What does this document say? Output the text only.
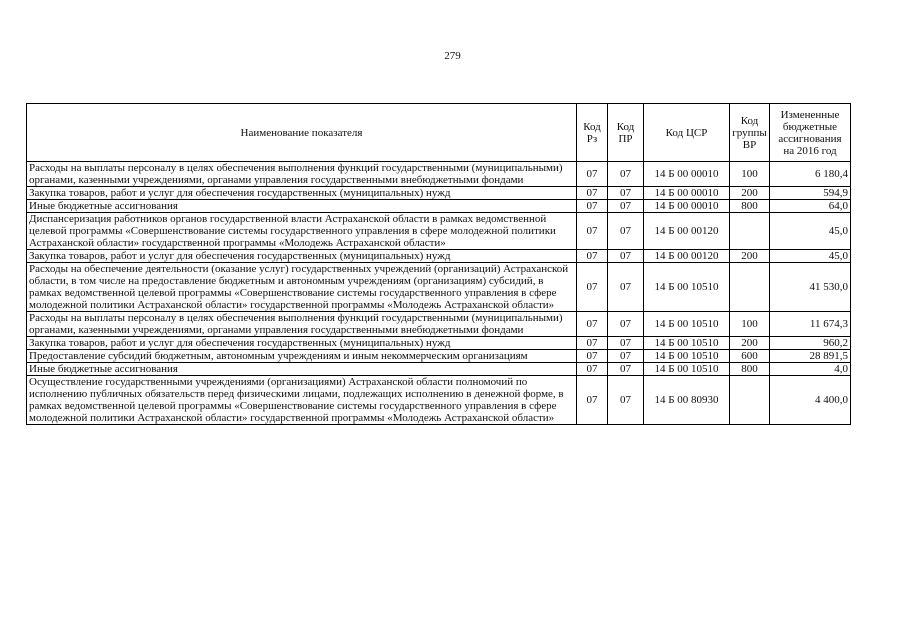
279
Наименование показателя	Код Рз	Код ПР	Код ЦСР	Код группы ВР	Измененные бюджетные ассигнования на 2016 год
Расходы на выплаты персоналу в целях обеспечения выполнения функций государственными (муниципальными) органами, казенными учреждениями, органами управления государственными внебюджетными фондами	07	07	14 Б 00 00010	100	6 180,4
Закупка товаров, работ и услуг для обеспечения государственных (муниципальных) нужд	07	07	14 Б 00 00010	200	594,9
Иные бюджетные ассигнования	07	07	14 Б 00 00010	800	64,0
Диспансеризация работников органов государственной власти Астраханской области в рамках ведомственной целевой программы «Совершенствование системы государственного управления в сфере молодежной политики Астраханской области» государственной программы «Молодежь Астраханской области»	07	07	14 Б 00 00120		45,0
Закупка товаров, работ и услуг для обеспечения государственных (муниципальных) нужд	07	07	14 Б 00 00120	200	45,0
Расходы на обеспечение деятельности (оказание услуг) государственных учреждений (организаций) Астраханской области, в том числе на предоставление бюджетным и автономным учреждениям (организациям) субсидий, в рамках ведомственной целевой программы «Совершенствование системы государственного управления в сфере молодежной политики Астраханской области» государственной программы «Молодежь Астраханской области»	07	07	14 Б 00 10510		41 530,0
Расходы на выплаты персоналу в целях обеспечения выполнения функций государственными (муниципальными) органами, казенными учреждениями, органами управления государственными внебюджетными фондами	07	07	14 Б 00 10510	100	11 674,3
Закупка товаров, работ и услуг для обеспечения государственных (муниципальных) нужд	07	07	14 Б 00 10510	200	960,2
Предоставление субсидий бюджетным, автономным учреждениям и иным некоммерческим организациям	07	07	14 Б 00 10510	600	28 891,5
Иные бюджетные ассигнования	07	07	14 Б 00 10510	800	4,0
Осуществление государственными учреждениями (организациями) Астраханской области полномочий по исполнению публичных обязательств перед физическими лицами, подлежащих исполнению в денежной форме, в рамках ведомственной целевой программы «Совершенствование системы государственного управления в сфере молодежной политики Астраханской области» государственной программы «Молодежь Астраханской области»	07	07	14 Б 00 80930		4 400,0
